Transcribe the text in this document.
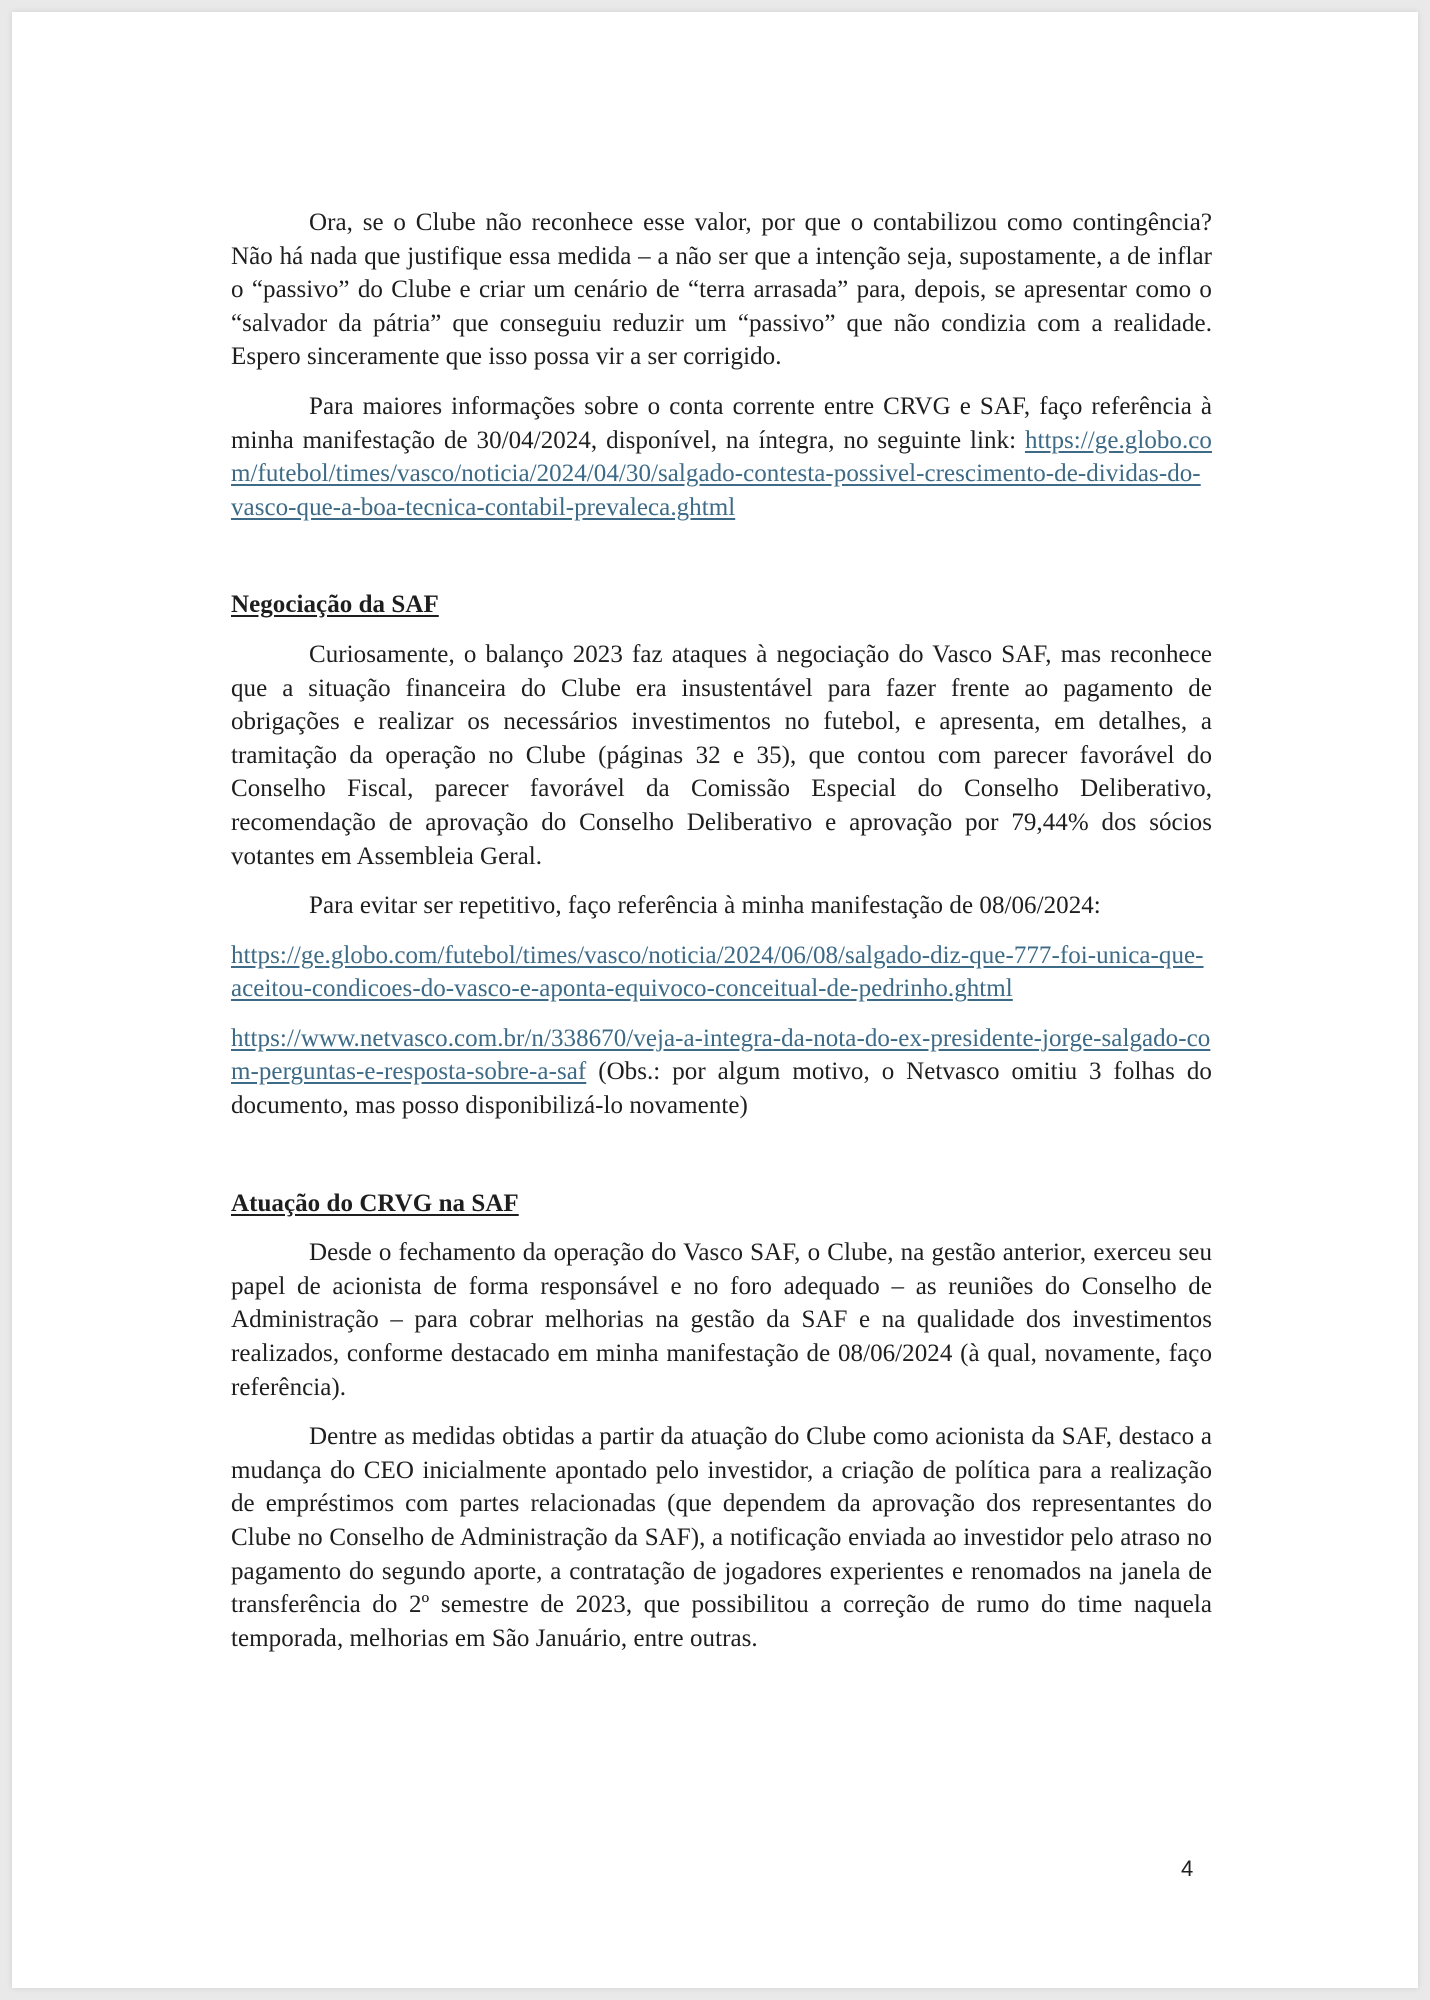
Ora, se o Clube não reconhece esse valor, por que o contabilizou como contingência? Não há nada que justifique essa medida – a não ser que a intenção seja, supostamente, a de inflar o “passivo” do Clube e criar um cenário de “terra arrasada” para, depois, se apresentar como o “salvador da pátria” que conseguiu reduzir um “passivo” que não condizia com a realidade. Espero sinceramente que isso possa vir a ser corrigido.

Para maiores informações sobre o conta corrente entre CRVG e SAF, faço referência à minha manifestação de 30/04/2024, disponível, na íntegra, no seguinte link: https://ge.globo.com/futebol/times/vasco/noticia/2024/04/30/salgado-contesta-possivel-crescimento-de-dividas-do-vasco-que-a-boa-tecnica-contabil-prevaleca.ghtml

Negociação da SAF

Curiosamente, o balanço 2023 faz ataques à negociação do Vasco SAF, mas reconhece que a situação financeira do Clube era insustentável para fazer frente ao pagamento de obrigações e realizar os necessários investimentos no futebol, e apresenta, em detalhes, a tramitação da operação no Clube (páginas 32 e 35), que contou com parecer favorável do Conselho Fiscal, parecer favorável da Comissão Especial do Conselho Deliberativo, recomendação de aprovação do Conselho Deliberativo e aprovação por 79,44% dos sócios votantes em Assembleia Geral.

Para evitar ser repetitivo, faço referência à minha manifestação de 08/06/2024:

https://ge.globo.com/futebol/times/vasco/noticia/2024/06/08/salgado-diz-que-777-foi-unica-que-aceitou-condicoes-do-vasco-e-aponta-equivoco-conceitual-de-pedrinho.ghtml

https://www.netvasco.com.br/n/338670/veja-a-integra-da-nota-do-ex-presidente-jorge-salgado-com-perguntas-e-resposta-sobre-a-saf (Obs.: por algum motivo, o Netvasco omitiu 3 folhas do documento, mas posso disponibilizá-lo novamente)

Atuação do CRVG na SAF

Desde o fechamento da operação do Vasco SAF, o Clube, na gestão anterior, exerceu seu papel de acionista de forma responsável e no foro adequado – as reuniões do Conselho de Administração – para cobrar melhorias na gestão da SAF e na qualidade dos investimentos realizados, conforme destacado em minha manifestação de 08/06/2024 (à qual, novamente, faço referência).

Dentre as medidas obtidas a partir da atuação do Clube como acionista da SAF, destaco a mudança do CEO inicialmente apontado pelo investidor, a criação de política para a realização de empréstimos com partes relacionadas (que dependem da aprovação dos representantes do Clube no Conselho de Administração da SAF), a notificação enviada ao investidor pelo atraso no pagamento do segundo aporte, a contratação de jogadores experientes e renomados na janela de transferência do 2º semestre de 2023, que possibilitou a correção de rumo do time naquela temporada, melhorias em São Januário, entre outras.

4
